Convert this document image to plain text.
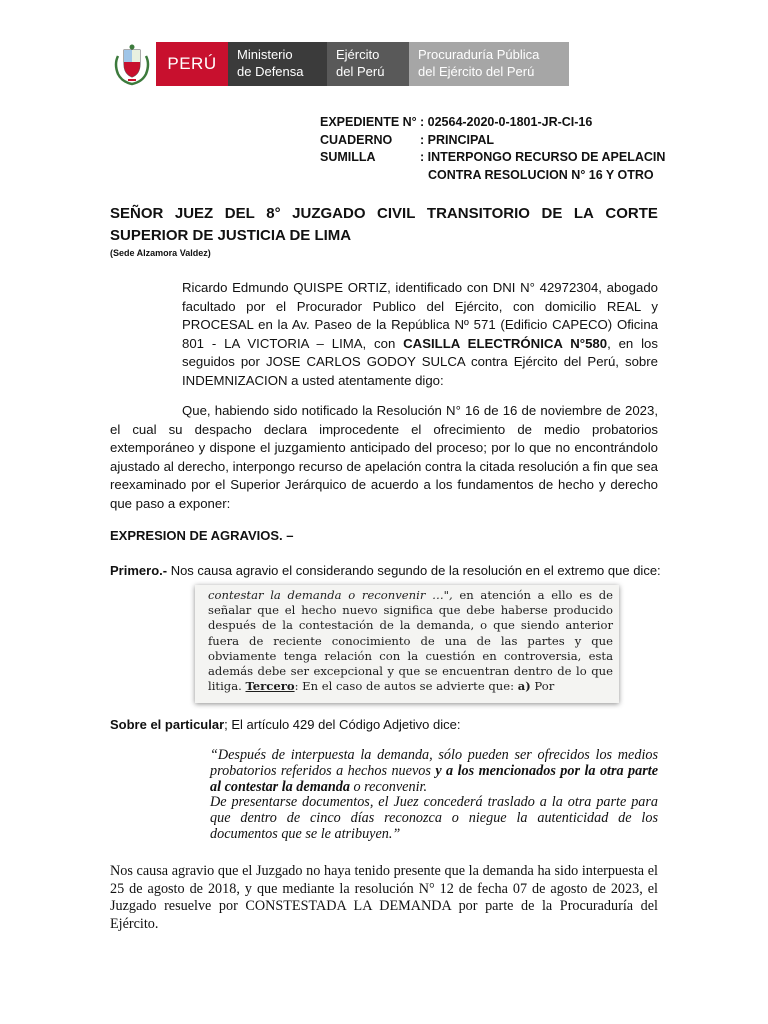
PERÚ	Ministerio
de Defensa
Ejército
del Perú
Procuraduría Pública
del Ejército del Perú
EXPEDIENTE N° : 02564-2020-0-1801-JR-CI-16
CUADERNO	: PRINCIPAL
SUMILLA	: INTERPONGO RECURSO DE APELACIN
CONTRA RESOLUCION N° 16 Y OTRO
SEÑOR JUEZ DEL 8° JUZGADO CIVIL TRANSITORIO DE LA CORTE
SUPERIOR DE JUSTICIA DE LIMA
(Sede Alzamora Valdez)
Ricardo Edmundo QUISPE ORTIZ, identificado con DNI N° 42972304, abogado facultado por el Procurador Publico del Ejército, con domicilio REAL y PROCESAL en la Av. Paseo de la República Nº 571 (Edificio CAPECO) Oficina 801 - LA VICTORIA – LIMA, con CASILLA ELECTRÓNICA N°580, en los seguidos por JOSE CARLOS GODOY SULCA contra Ejército del Perú, sobre INDEMNIZACION a usted atentamente digo:
Que, habiendo sido notificado la Resolución N° 16 de 16 de noviembre de 2023, el cual su despacho declara improcedente el ofrecimiento de medio probatorios extemporáneo y dispone el juzgamiento anticipado del proceso; por lo que no encontrándolo ajustado al derecho, interpongo recurso de apelación contra la citada resolución a fin que sea reexaminado por el Superior Jerárquico de acuerdo a los fundamentos de hecho y derecho que paso a exponer:
EXPRESION DE AGRAVIOS. –
Primero.- Nos causa agravio el considerando segundo de la resolución en el extremo que dice:
contestar la demanda o reconvenir …", en atención a ello es de señalar que el hecho nuevo significa que debe haberse producido después de la contestación de la demanda, o que siendo anterior fuera de reciente conocimiento de una de las partes y que obviamente tenga relación con la cuestión en controversia, esta además debe ser excepcional y que se encuentran dentro de lo que litiga. Tercero: En el caso de autos se advierte que: a) Por
Sobre el particular; El artículo 429 del Código Adjetivo dice:
“Después de interpuesta la demanda, sólo pueden ser ofrecidos los medios probatorios referidos a hechos nuevos y a los mencionados por la otra parte al contestar la demanda o reconvenir.
De presentarse documentos, el Juez concederá traslado a la otra parte para que dentro de cinco días reconozca o niegue la autenticidad de los documentos que se le atribuyen.”
Nos causa agravio que el Juzgado no haya tenido presente que la demanda ha sido interpuesta el 25 de agosto de 2018, y que mediante la resolución N° 12 de fecha 07 de agosto de 2023, el Juzgado resuelve por CONSTESTADA LA DEMANDA por parte de la Procuraduría del Ejército.
